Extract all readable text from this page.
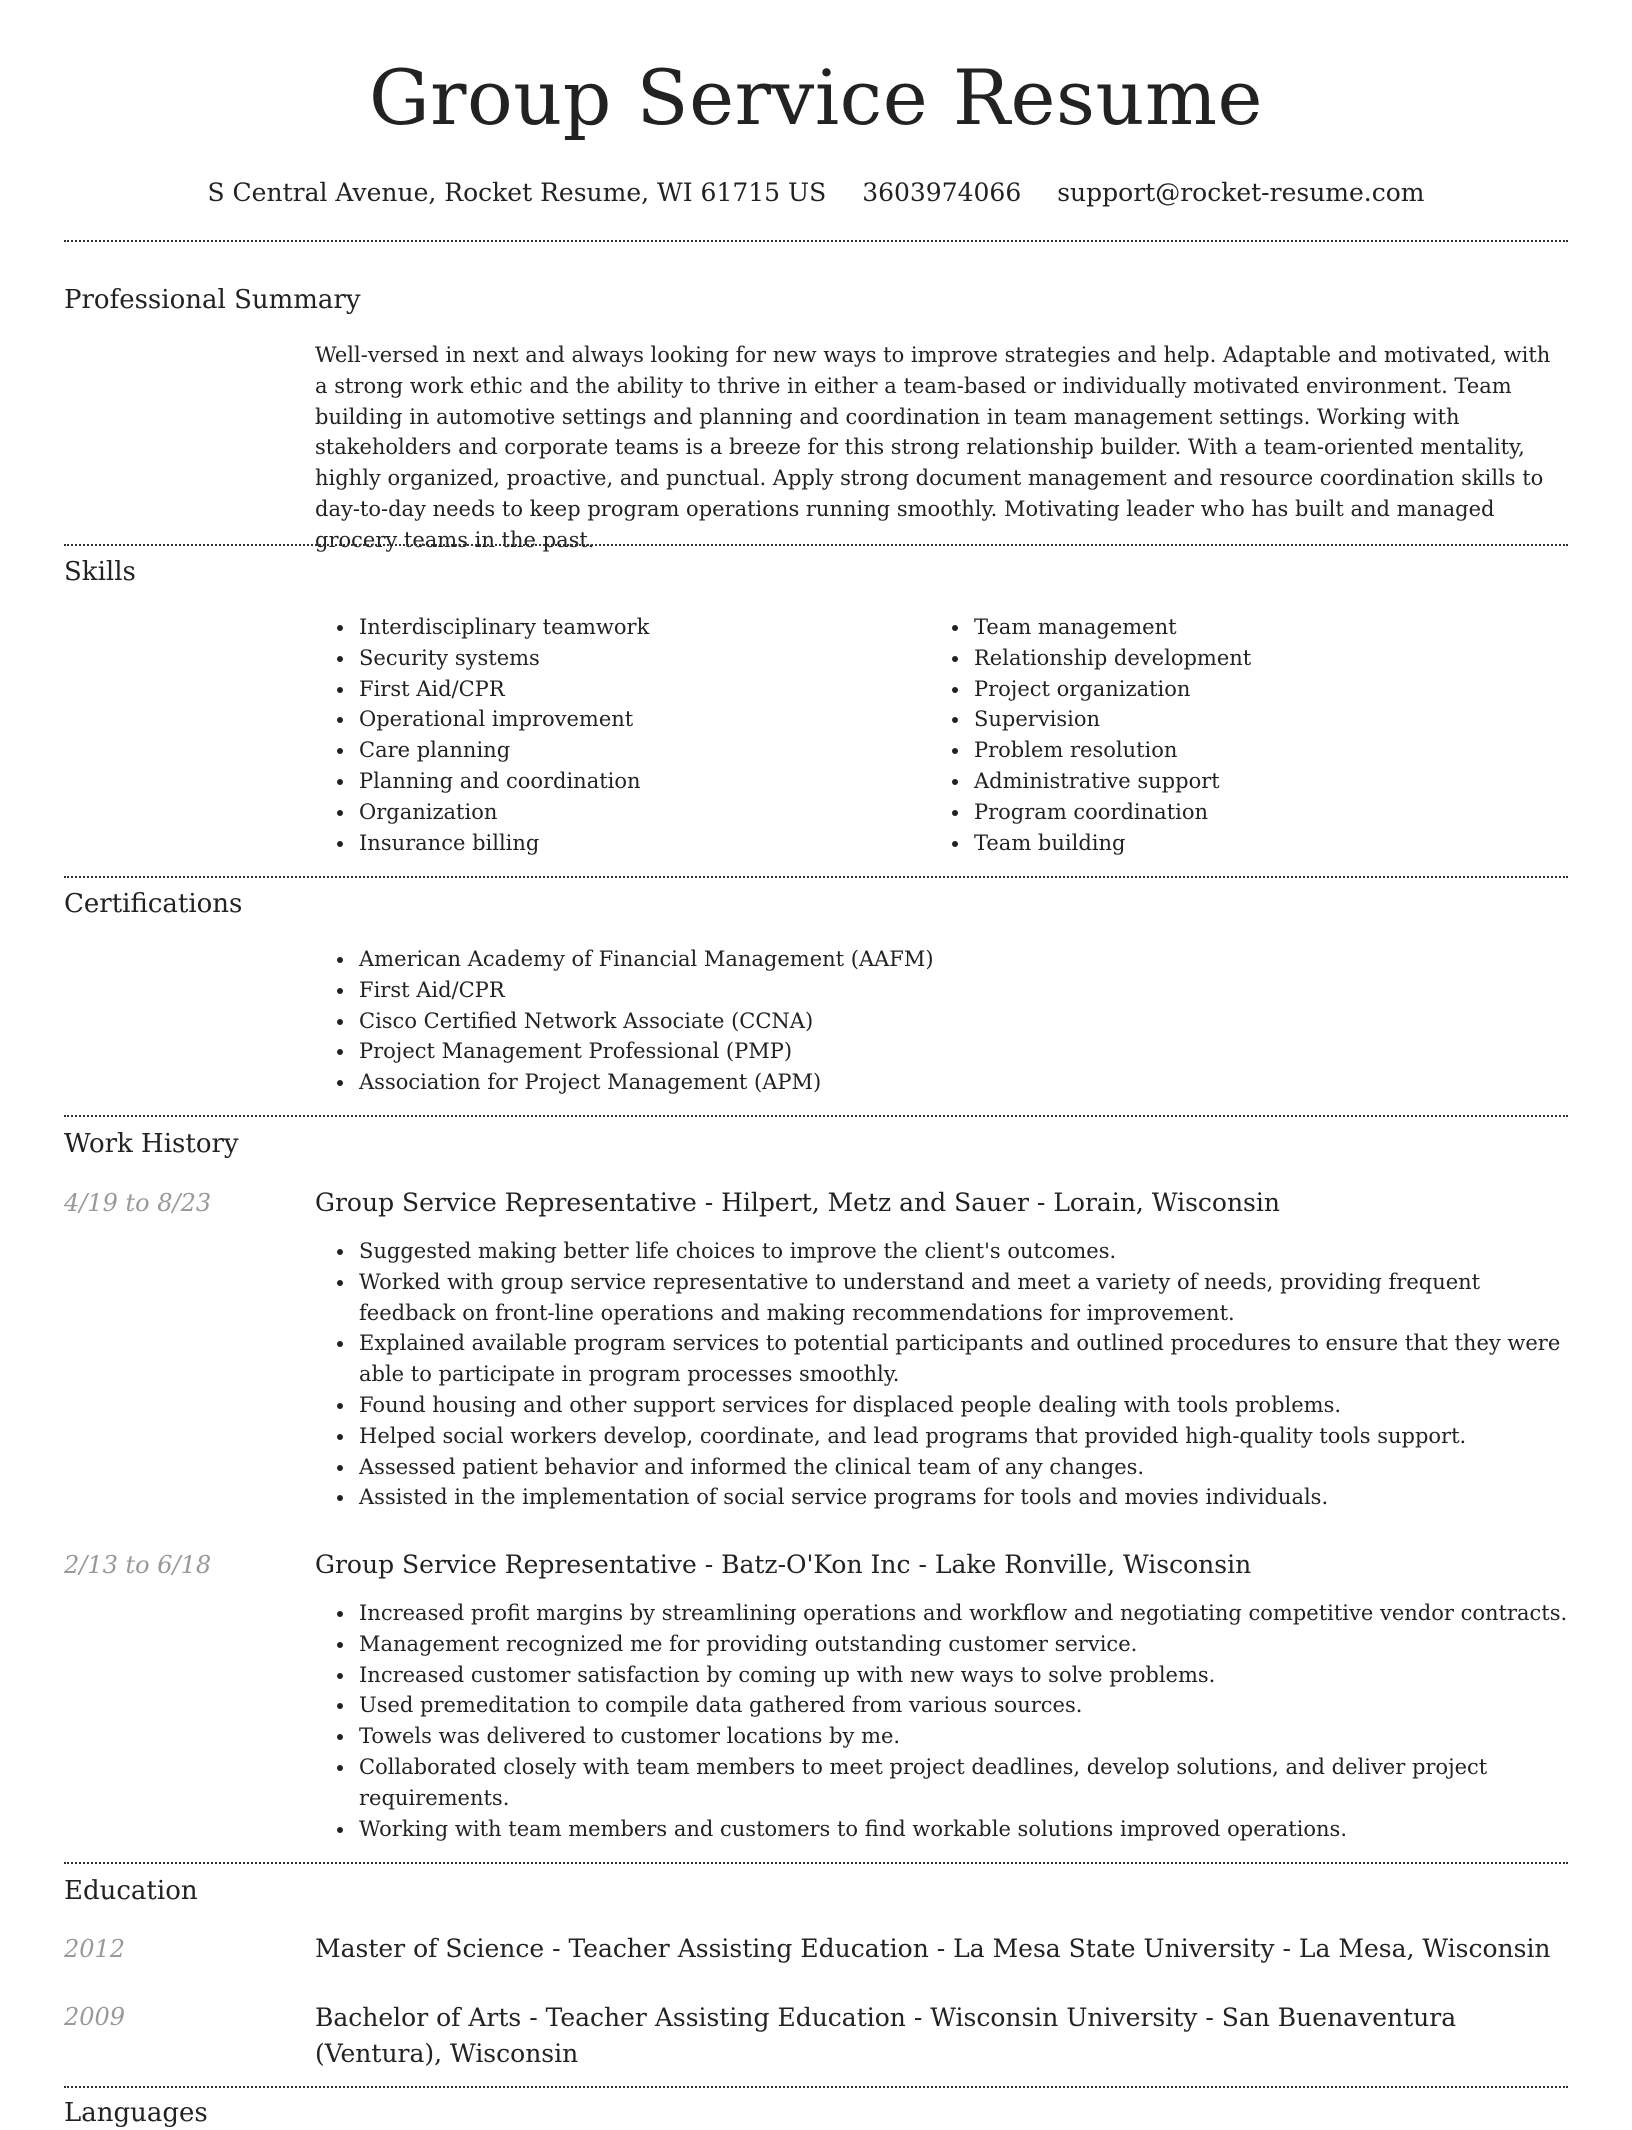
Group Service Resume
S Central Avenue, Rocket Resume, WI 61715 US 3603974066 support@rocket-resume.com
Professional Summary
Well-versed in next and always looking for new ways to improve strategies and help. Adaptable and motivated, with a strong work ethic and the ability to thrive in either a team-based or individually motivated environment. Team building in automotive settings and planning and coordination in team management settings. Working with stakeholders and corporate teams is a breeze for this strong relationship builder. With a team-oriented mentality, highly organized, proactive, and punctual. Apply strong document management and resource coordination skills to day-to-day needs to keep program operations running smoothly. Motivating leader who has built and managed grocery teams in the past.
Skills
Interdisciplinary teamwork
Security systems
First Aid/CPR
Operational improvement
Care planning
Planning and coordination
Organization
Insurance billing
Team management
Relationship development
Project organization
Supervision
Problem resolution
Administrative support
Program coordination
Team building
Certifications
American Academy of Financial Management (AAFM)
First Aid/CPR
Cisco Certified Network Associate (CCNA)
Project Management Professional (PMP)
Association for Project Management (APM)
Work History
4/19 to 8/23	Group Service Representative - Hilpert, Metz and Sauer - Lorain, Wisconsin
Suggested making better life choices to improve the client's outcomes.
Worked with group service representative to understand and meet a variety of needs, providing frequent feedback on front-line operations and making recommendations for improvement.
Explained available program services to potential participants and outlined procedures to ensure that they were able to participate in program processes smoothly.
Found housing and other support services for displaced people dealing with tools problems.
Helped social workers develop, coordinate, and lead programs that provided high-quality tools support.
Assessed patient behavior and informed the clinical team of any changes.
Assisted in the implementation of social service programs for tools and movies individuals.
2/13 to 6/18	Group Service Representative - Batz-O'Kon Inc - Lake Ronville, Wisconsin
Increased profit margins by streamlining operations and workflow and negotiating competitive vendor contracts.
Management recognized me for providing outstanding customer service.
Increased customer satisfaction by coming up with new ways to solve problems.
Used premeditation to compile data gathered from various sources.
Towels was delivered to customer locations by me.
Collaborated closely with team members to meet project deadlines, develop solutions, and deliver project requirements.
Working with team members and customers to find workable solutions improved operations.
Education
2012	Master of Science - Teacher Assisting Education - La Mesa State University - La Mesa, Wisconsin
2009	Bachelor of Arts - Teacher Assisting Education - Wisconsin University - San Buenaventura (Ventura), Wisconsin
Languages
